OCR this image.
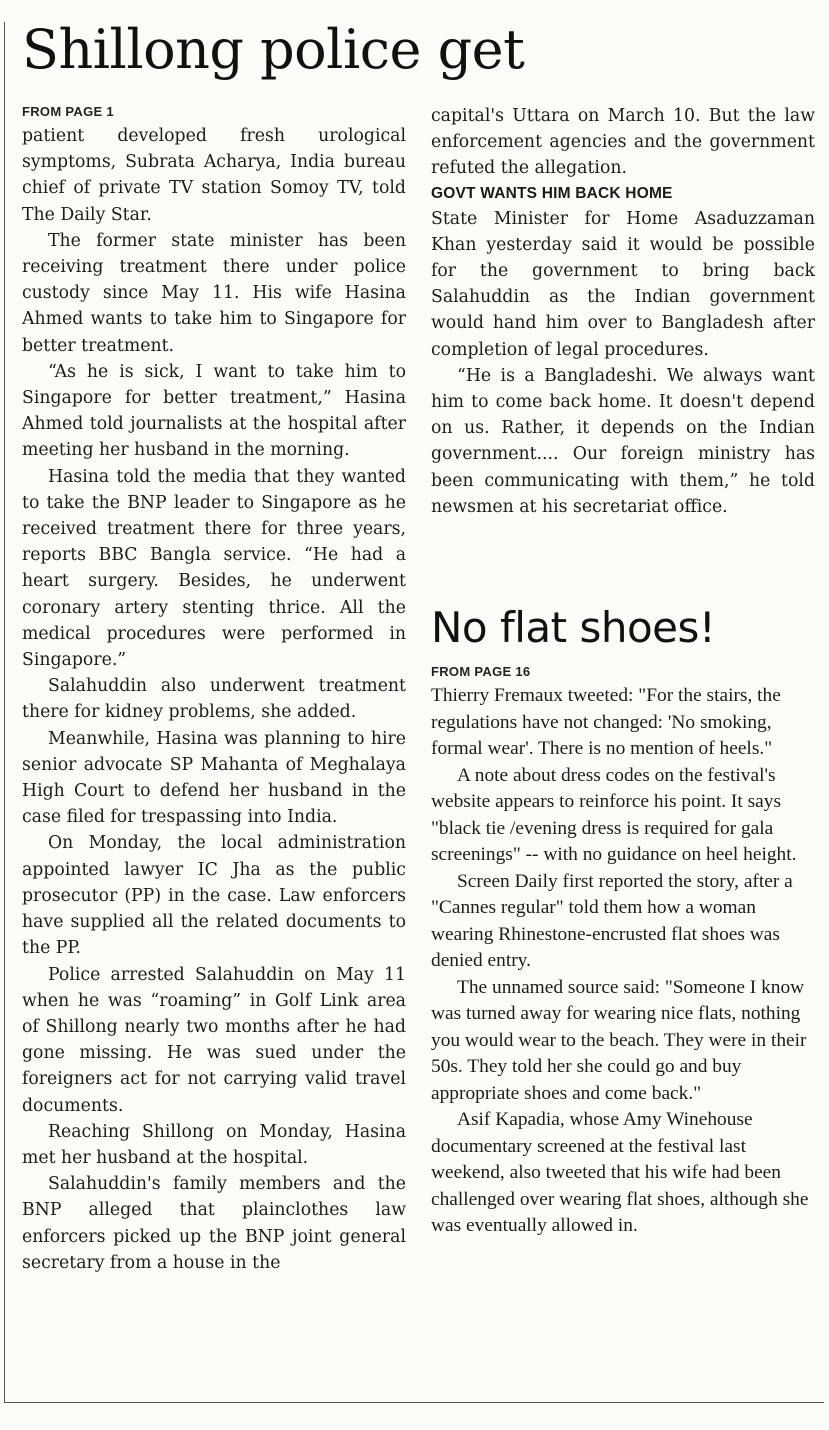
Shillong police get
FROM PAGE 1

patient developed fresh urological symptoms, Subrata Acharya, India bureau chief of private TV station Somoy TV, told The Daily Star.

The former state minister has been receiving treatment there under police custody since May 11. His wife Hasina Ahmed wants to take him to Singapore for better treatment.

“As he is sick, I want to take him to Singapore for better treatment,” Hasina Ahmed told journalists at the hospital after meeting her husband in the morning.

Hasina told the media that they wanted to take the BNP leader to Singapore as he received treatment there for three years, reports BBC Bangla service. “He had a heart surgery. Besides, he underwent coronary artery stenting thrice. All the medical procedures were performed in Singapore.”

Salahuddin also underwent treatment there for kidney problems, she added.

Meanwhile, Hasina was planning to hire senior advocate SP Mahanta of Meghalaya High Court to defend her husband in the case filed for trespassing into India.

On Monday, the local administration appointed lawyer IC Jha as the public prosecutor (PP) in the case. Law enforcers have supplied all the related documents to the PP.

Police arrested Salahuddin on May 11 when he was “roaming” in Golf Link area of Shillong nearly two months after he had gone missing. He was sued under the foreigners act for not carrying valid travel documents.

Reaching Shillong on Monday, Hasina met her husband at the hospital.

Salahuddin's family members and the BNP alleged that plainclothes law enforcers picked up the BNP joint general secretary from a house in the

capital's Uttara on March 10. But the law enforcement agencies and the government refuted the allegation.

GOVT WANTS HIM BACK HOME

State Minister for Home Asaduzzaman Khan yesterday said it would be possible for the government to bring back Salahuddin as the Indian government would hand him over to Bangladesh after completion of legal procedures.

“He is a Bangladeshi. We always want him to come back home. It doesn't depend on us. Rather, it depends on the Indian government.... Our foreign ministry has been communicating with them,” he told newsmen at his secretariat office.

No flat shoes!
FROM PAGE 16

Thierry Fremaux tweeted: "For the stairs, the regulations have not changed: 'No smoking, formal wear'. There is no mention of heels."

A note about dress codes on the festival's website appears to reinforce his point. It says "black tie /evening dress is required for gala screenings" -- with no guidance on heel height.

Screen Daily first reported the story, after a "Cannes regular" told them how a woman wearing Rhinestone-encrusted flat shoes was denied entry.

The unnamed source said: "Someone I know was turned away for wearing nice flats, nothing you would wear to the beach. They were in their 50s. They told her she could go and buy appropriate shoes and come back."

Asif Kapadia, whose Amy Winehouse documentary screened at the festival last weekend, also tweeted that his wife had been challenged over wearing flat shoes, although she was eventually allowed in.
